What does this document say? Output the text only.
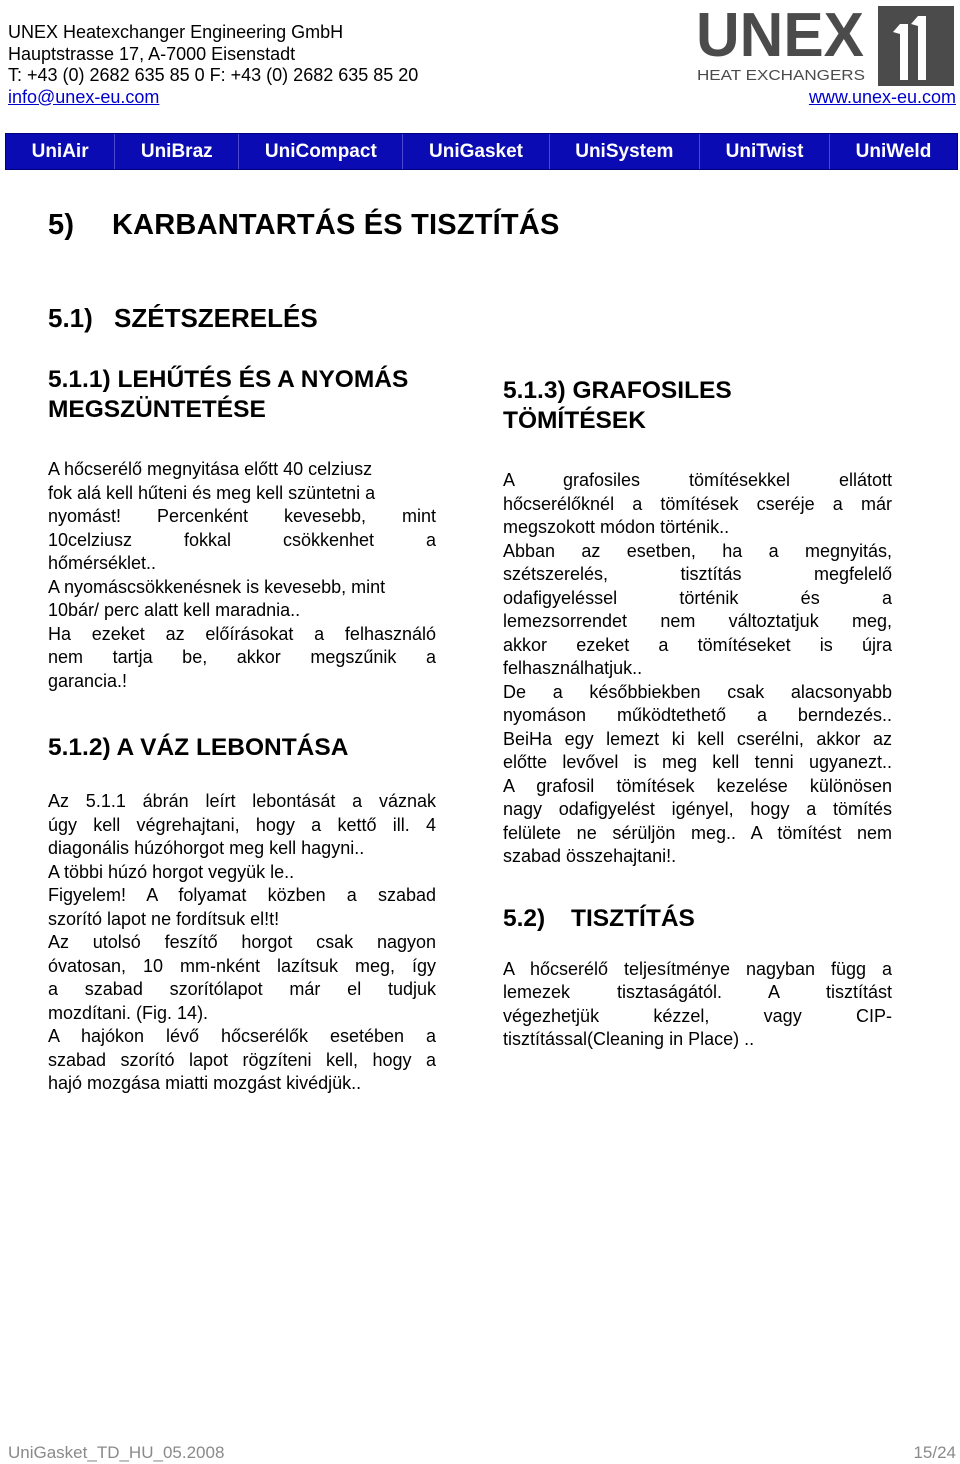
UNEX Heatexchanger Engineering GmbH
Hauptstrasse 17, A-7000 Eisenstadt
T: +43 (0) 2682 635 85 0 F: +43 (0) 2682 635 85 20
info@unex-eu.com
UNEX
HEAT EXCHANGERS
www.unex-eu.com
UniAir	UniBraz	UniCompact	UniGasket	UniSystem	UniTwist	UniWeld
5) KARBANTARTÁS ÉS TISZTÍTÁS
5.1) SZÉTSZERELÉS

5.1.1) LEHŰTÉS ÉS A NYOMÁS
MEGSZÜNTETÉSE

A hőcserélő megnyitása előtt 40 celziusz
fok alá kell hűteni és meg kell szüntetni a
nyomást! Percenként kevesebb, mint
10celziusz fokkal csökkenhet a
hőmérséklet..
A nyomáscsökkenésnek is kevesebb, mint
10bár/ perc alatt kell maradnia..
Ha ezeket az előírásokat a felhasználó
nem tartja be, akkor megszűnik a
garancia.!

5.1.2) A VÁZ LEBONTÁSA

Az 5.1.1 ábrán leírt lebontását a váznak
úgy kell végrehajtani, hogy a kettő ill. 4
diagonális húzóhorgot meg kell hagyni..
A többi húzó horgot vegyük le..
Figyelem! A folyamat közben a szabad
szorító lapot ne fordítsuk el!t!
Az utolsó feszítő horgot csak nagyon
óvatosan, 10 mm-nként lazítsuk meg, így
a szabad szorítólapot már el tudjuk
mozdítani. (Fig. 14).
A hajókon lévő hőcserélők esetében a
szabad szorító lapot rögzíteni kell, hogy a
hajó mozgása miatti mozgást kivédjük..

5.1.3) GRAFOSILES
TÖMÍTÉSEK

A grafosiles tömítésekkel ellátott
hőcserélőknél a tömítések cseréje a már
megszokott módon történik..
Abban az esetben, ha a megnyitás,
szétszerelés, tisztítás megfelelő
odafigyeléssel történik és a
lemezsorrendet nem változtatjuk meg,
akkor ezeket a tömítéseket is újra
felhasználhatjuk..
De a későbbiekben csak alacsonyabb
nyomáson működtethető a berndezés..
BeiHa egy lemezt ki kell cserélni, akkor az
előtte levővel is meg kell tenni ugyanezt..
A grafosil tömítések kezelése különösen
nagy odafigyelést igényel, hogy a tömítés
felülete ne sérüljön meg.. A tömítést nem
szabad összehajtani!.

5.2) TISZTÍTÁS

A hőcserélő teljesítménye nagyban függ a
lemezek tisztaságától. A tisztítást
végezhetjük kézzel, vagy CIP-
tisztítással(Cleaning in Place) ..
UniGasket_TD_HU_05.2008	15/24
